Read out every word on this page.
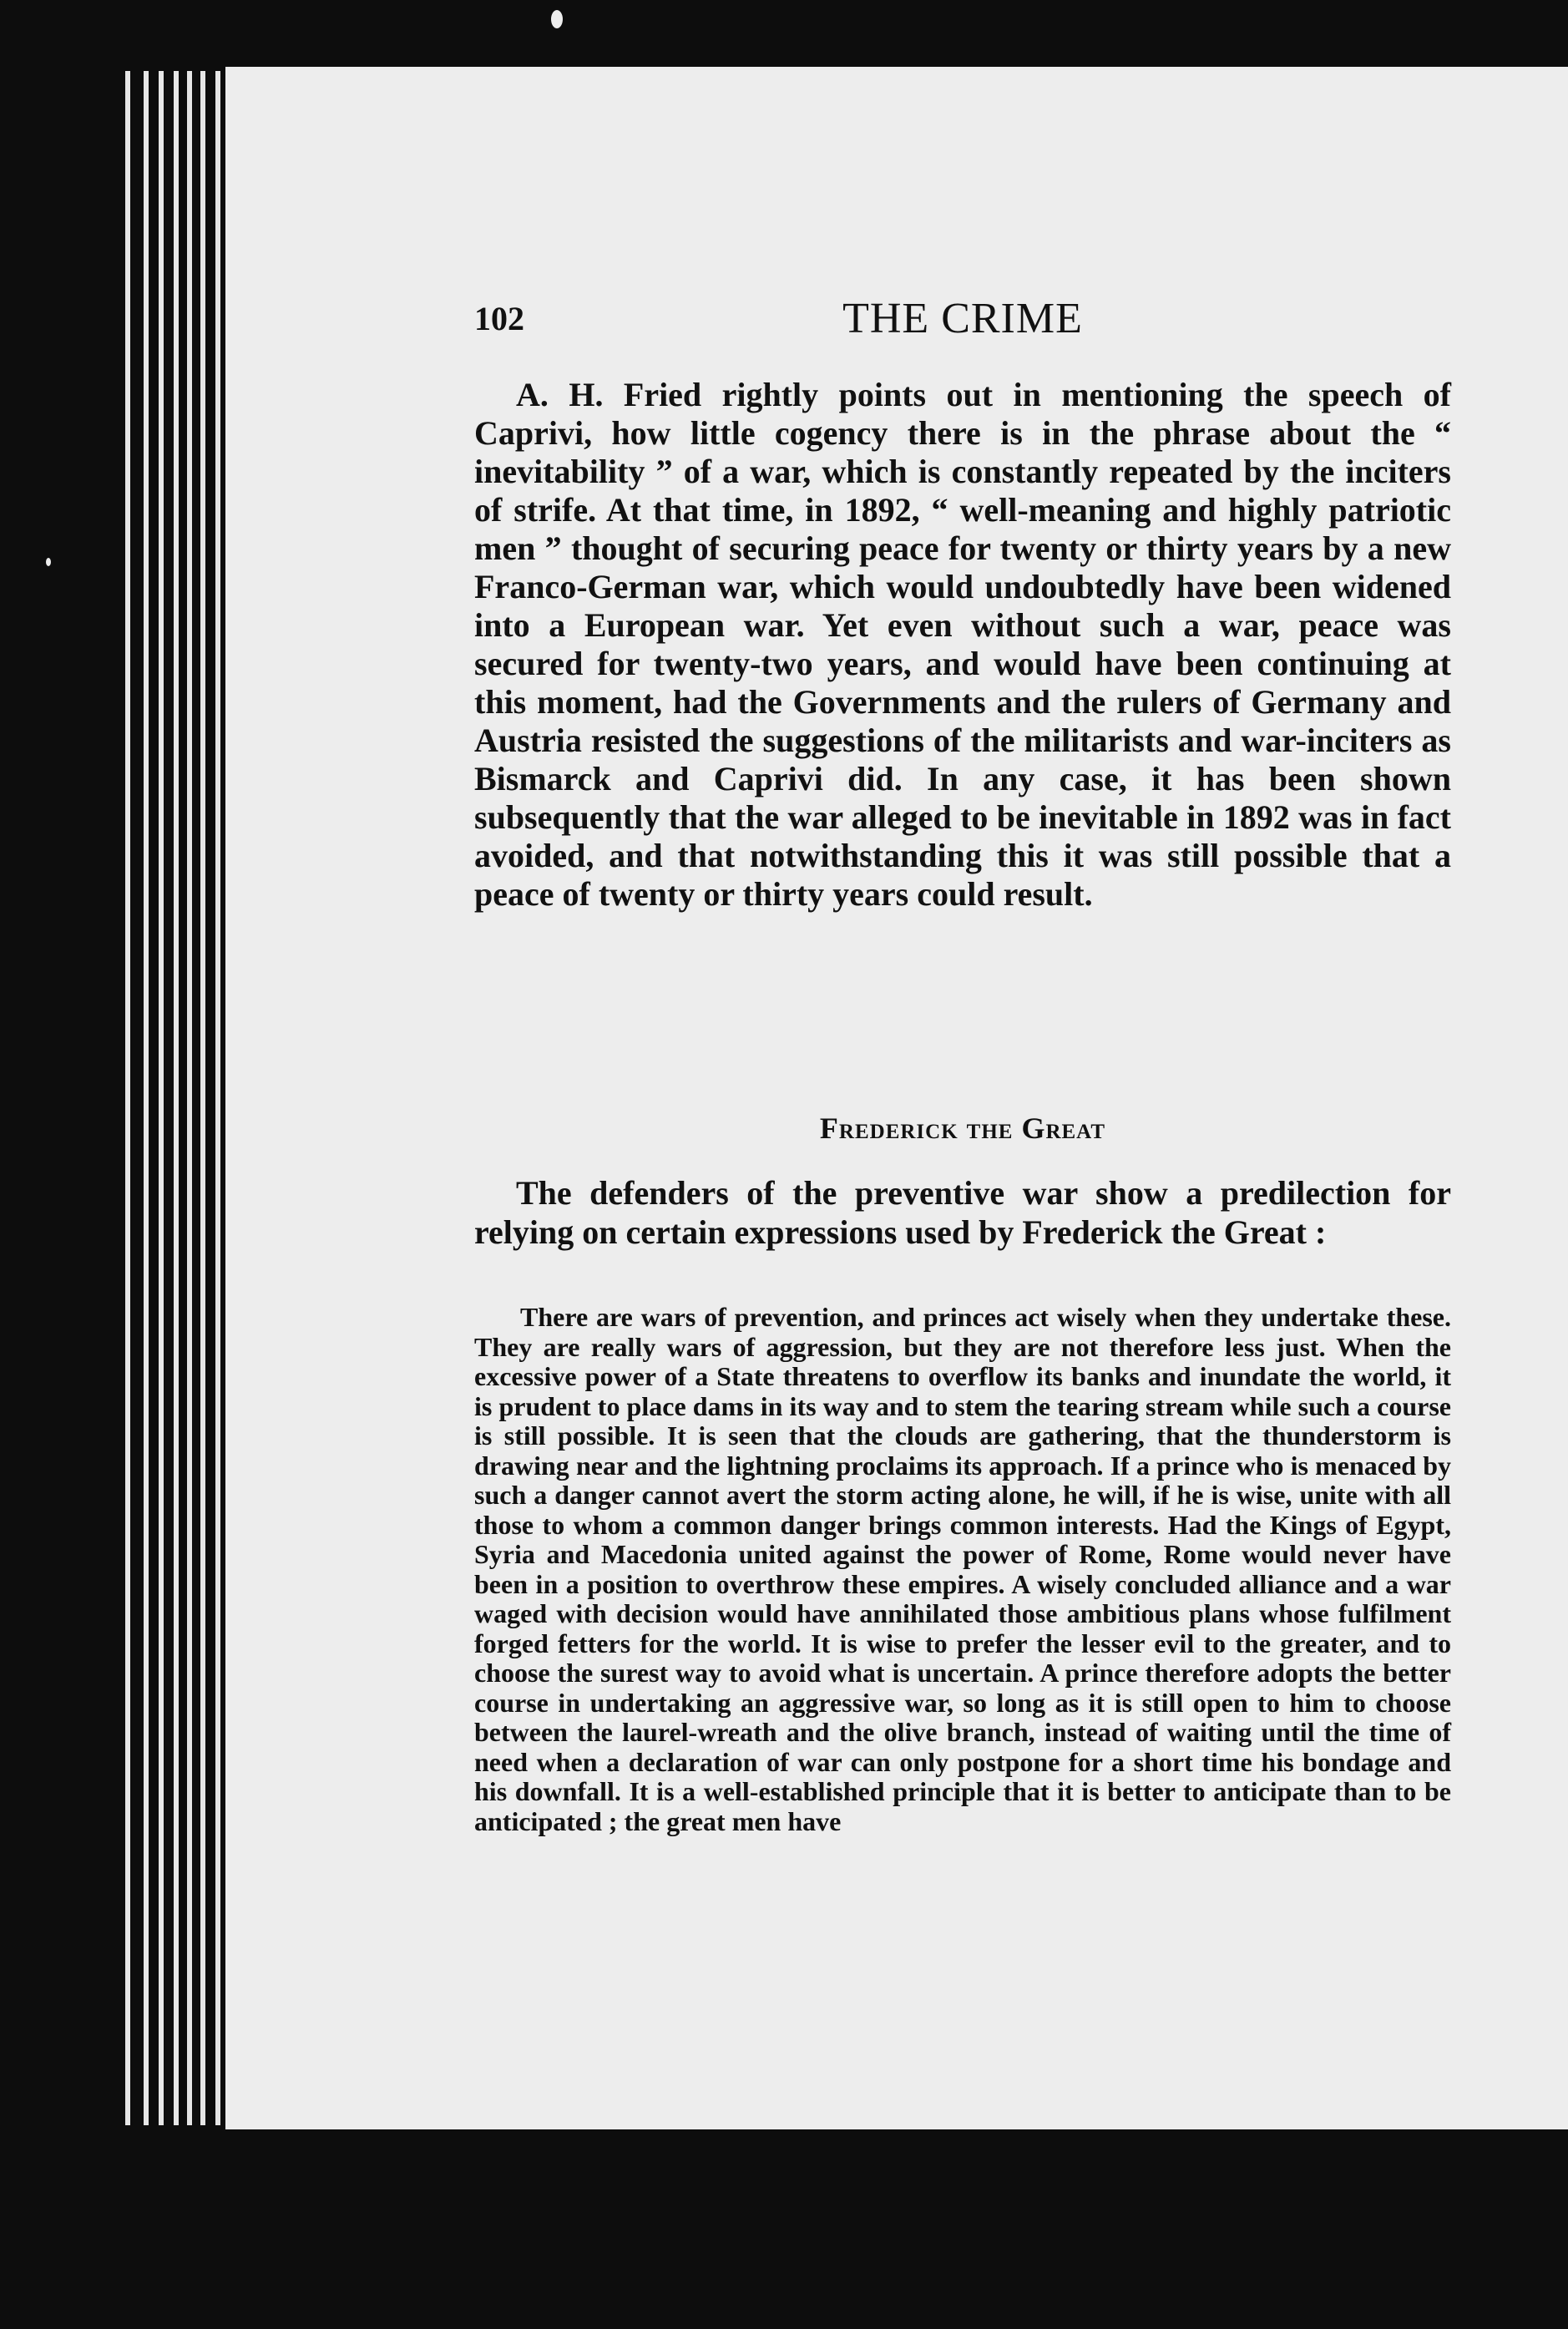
102	THE CRIME

A. H. Fried rightly points out in mentioning the speech of Caprivi, how little cogency there is in the phrase about the “ inevitability ” of a war, which is constantly repeated by the inciters of strife. At that time, in 1892, “ well-meaning and highly patriotic men ” thought of securing peace for twenty or thirty years by a new Franco-German war, which would undoubtedly have been widened into a European war. Yet even without such a war, peace was secured for twenty-two years, and would have been continuing at this moment, had the Governments and the rulers of Germany and Austria resisted the suggestions of the militarists and war-inciters as Bismarck and Caprivi did. In any case, it has been shown subsequently that the war alleged to be inevitable in 1892 was in fact avoided, and that notwithstanding this it was still possible that a peace of twenty or thirty years could result.

Frederick the Great

The defenders of the preventive war show a predilection for relying on certain expressions used by Frederick the Great :

There are wars of prevention, and princes act wisely when they undertake these. They are really wars of aggression, but they are not therefore less just. When the excessive power of a State threatens to overflow its banks and inundate the world, it is prudent to place dams in its way and to stem the tearing stream while such a course is still possible. It is seen that the clouds are gathering, that the thunderstorm is drawing near and the lightning proclaims its approach. If a prince who is menaced by such a danger cannot avert the storm acting alone, he will, if he is wise, unite with all those to whom a common danger brings common interests. Had the Kings of Egypt, Syria and Macedonia united against the power of Rome, Rome would never have been in a position to overthrow these empires. A wisely concluded alliance and a war waged with decision would have annihilated those ambitious plans whose fulfilment forged fetters for the world. It is wise to prefer the lesser evil to the greater, and to choose the surest way to avoid what is uncertain. A prince therefore adopts the better course in undertaking an aggressive war, so long as it is still open to him to choose between the laurel-wreath and the olive branch, instead of waiting until the time of need when a declaration of war can only postpone for a short time his bondage and his downfall. It is a well-established principle that it is better to anticipate than to be anticipated ; the great men have
